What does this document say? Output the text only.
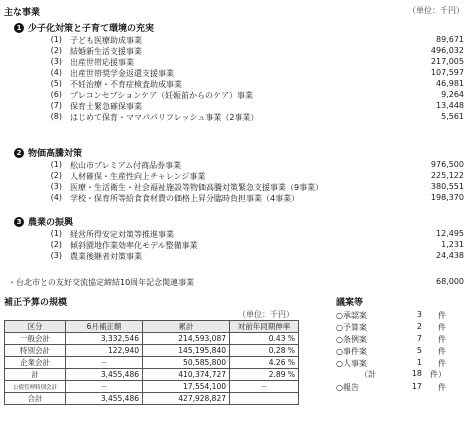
主な事業	（単位：千円）
1 少子化対策と子育て環境の充実
(1) 子ども医療助成事業	89,671
(2) 結婚新生活支援事業	496,032
(3) 出産世帯応援事業	217,005
(4) 出産世帯奨学金返還支援事業	107,597
(5) 不妊治療・不育症検査助成事業	46,981
(6) プレコンセプションケア（妊娠前からのケア）事業	9,264
(7) 保育士緊急確保事業	13,448
(8) はじめて保育・ママパパリフレッシュ事業（2事業）	5,561
2 物価高騰対策
(1) 松山市プレミアム付商品券事業	976,500
(2) 人材確保・生産性向上チャレンジ事業	225,122
(3) 医療・生活衛生・社会福祉施設等物価高騰対策緊急支援事業（9事業）	380,551
(4) 学校・保育所等給食食材費の価格上昇分臨時負担事業（4事業）	198,370
3 農業の振興
(1) 経営所得安定対策等推進事業	12,495
(2) 傾斜園地作業効率化モデル整備事業	1,231
(3) 農業後継者対策事業	24,438
・台北市との友好交流協定締結10周年記念関連事業	68,000
補正予算の規模
（単位：千円）
区分	6月補正額	累計	対前年同期伸率
一般会計	3,332,546	214,593,087	0.43 %
特別会計	122,940	145,195,840	0.28 %
企業会計	－	50,585,800	4.26 %
計	3,455,486	410,374,727	2.89 %
公債管理特別会計	－	17,554,100	－
合計	3,455,486	427,928,827	
議案等
○承認案	3 件
○予算案	2 件
○条例案	7 件
○事件案	5 件
○人事案	1 件
（計	18 件）
○報告	17 件
